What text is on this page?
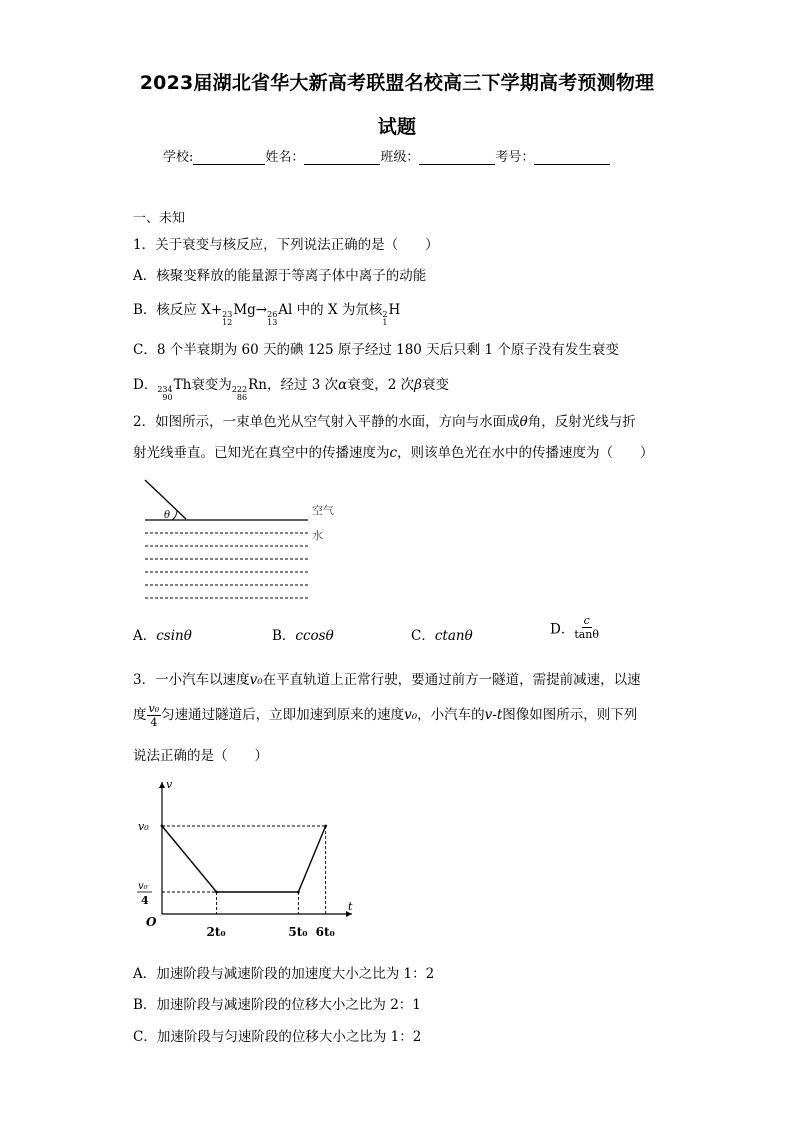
2023届湖北省华大新高考联盟名校高三下学期高考预测物理
试题
学校:	姓名：	班级：	考号：
一、未知
1．关于衰变与核反应，下列说法正确的是（　　）
A．核聚变释放的能量源于等离子体中离子的动能
B．核反应 X+ 23
12
Mg→ 26
13
Al 中的 X 为氘核 2
1
H
C．8 个半衰期为 60 天的碘 125 原子经过 180 天后只剩 1 个原子没有发生衰变
D． 234
90
Th衰变为 222
86
Rn，经过 3 次α衰变，2 次β衰变
2．如图所示，一束单色光从空气射入平静的水面，方向与水面成θ角，反射光线与折
射光线垂直。已知光在真空中的传播速度为c，则该单色光在水中的传播速度为（　　）
θ	空气
水
A．csinθ	B．ccosθ	C．ctanθ	D． $\frac{c}{\tan\theta}$
3．一小汽车以速度v₀在平直轨道上正常行驶，要通过前方一隧道，需提前减速，以速
度 $\frac{\text{v₀}}{4}$ 匀速通过隧道后，立即加速到原来的速度v₀，小汽车的v-t图像如图所示，则下列
说法正确的是（　　）
v
t
O
v₀
v₀
4
2t₀	5t₀ 6t₀
A．加速阶段与减速阶段的加速度大小之比为 1：2
B．加速阶段与减速阶段的位移大小之比为 2：1
C．加速阶段与匀速阶段的位移大小之比为 1：2
